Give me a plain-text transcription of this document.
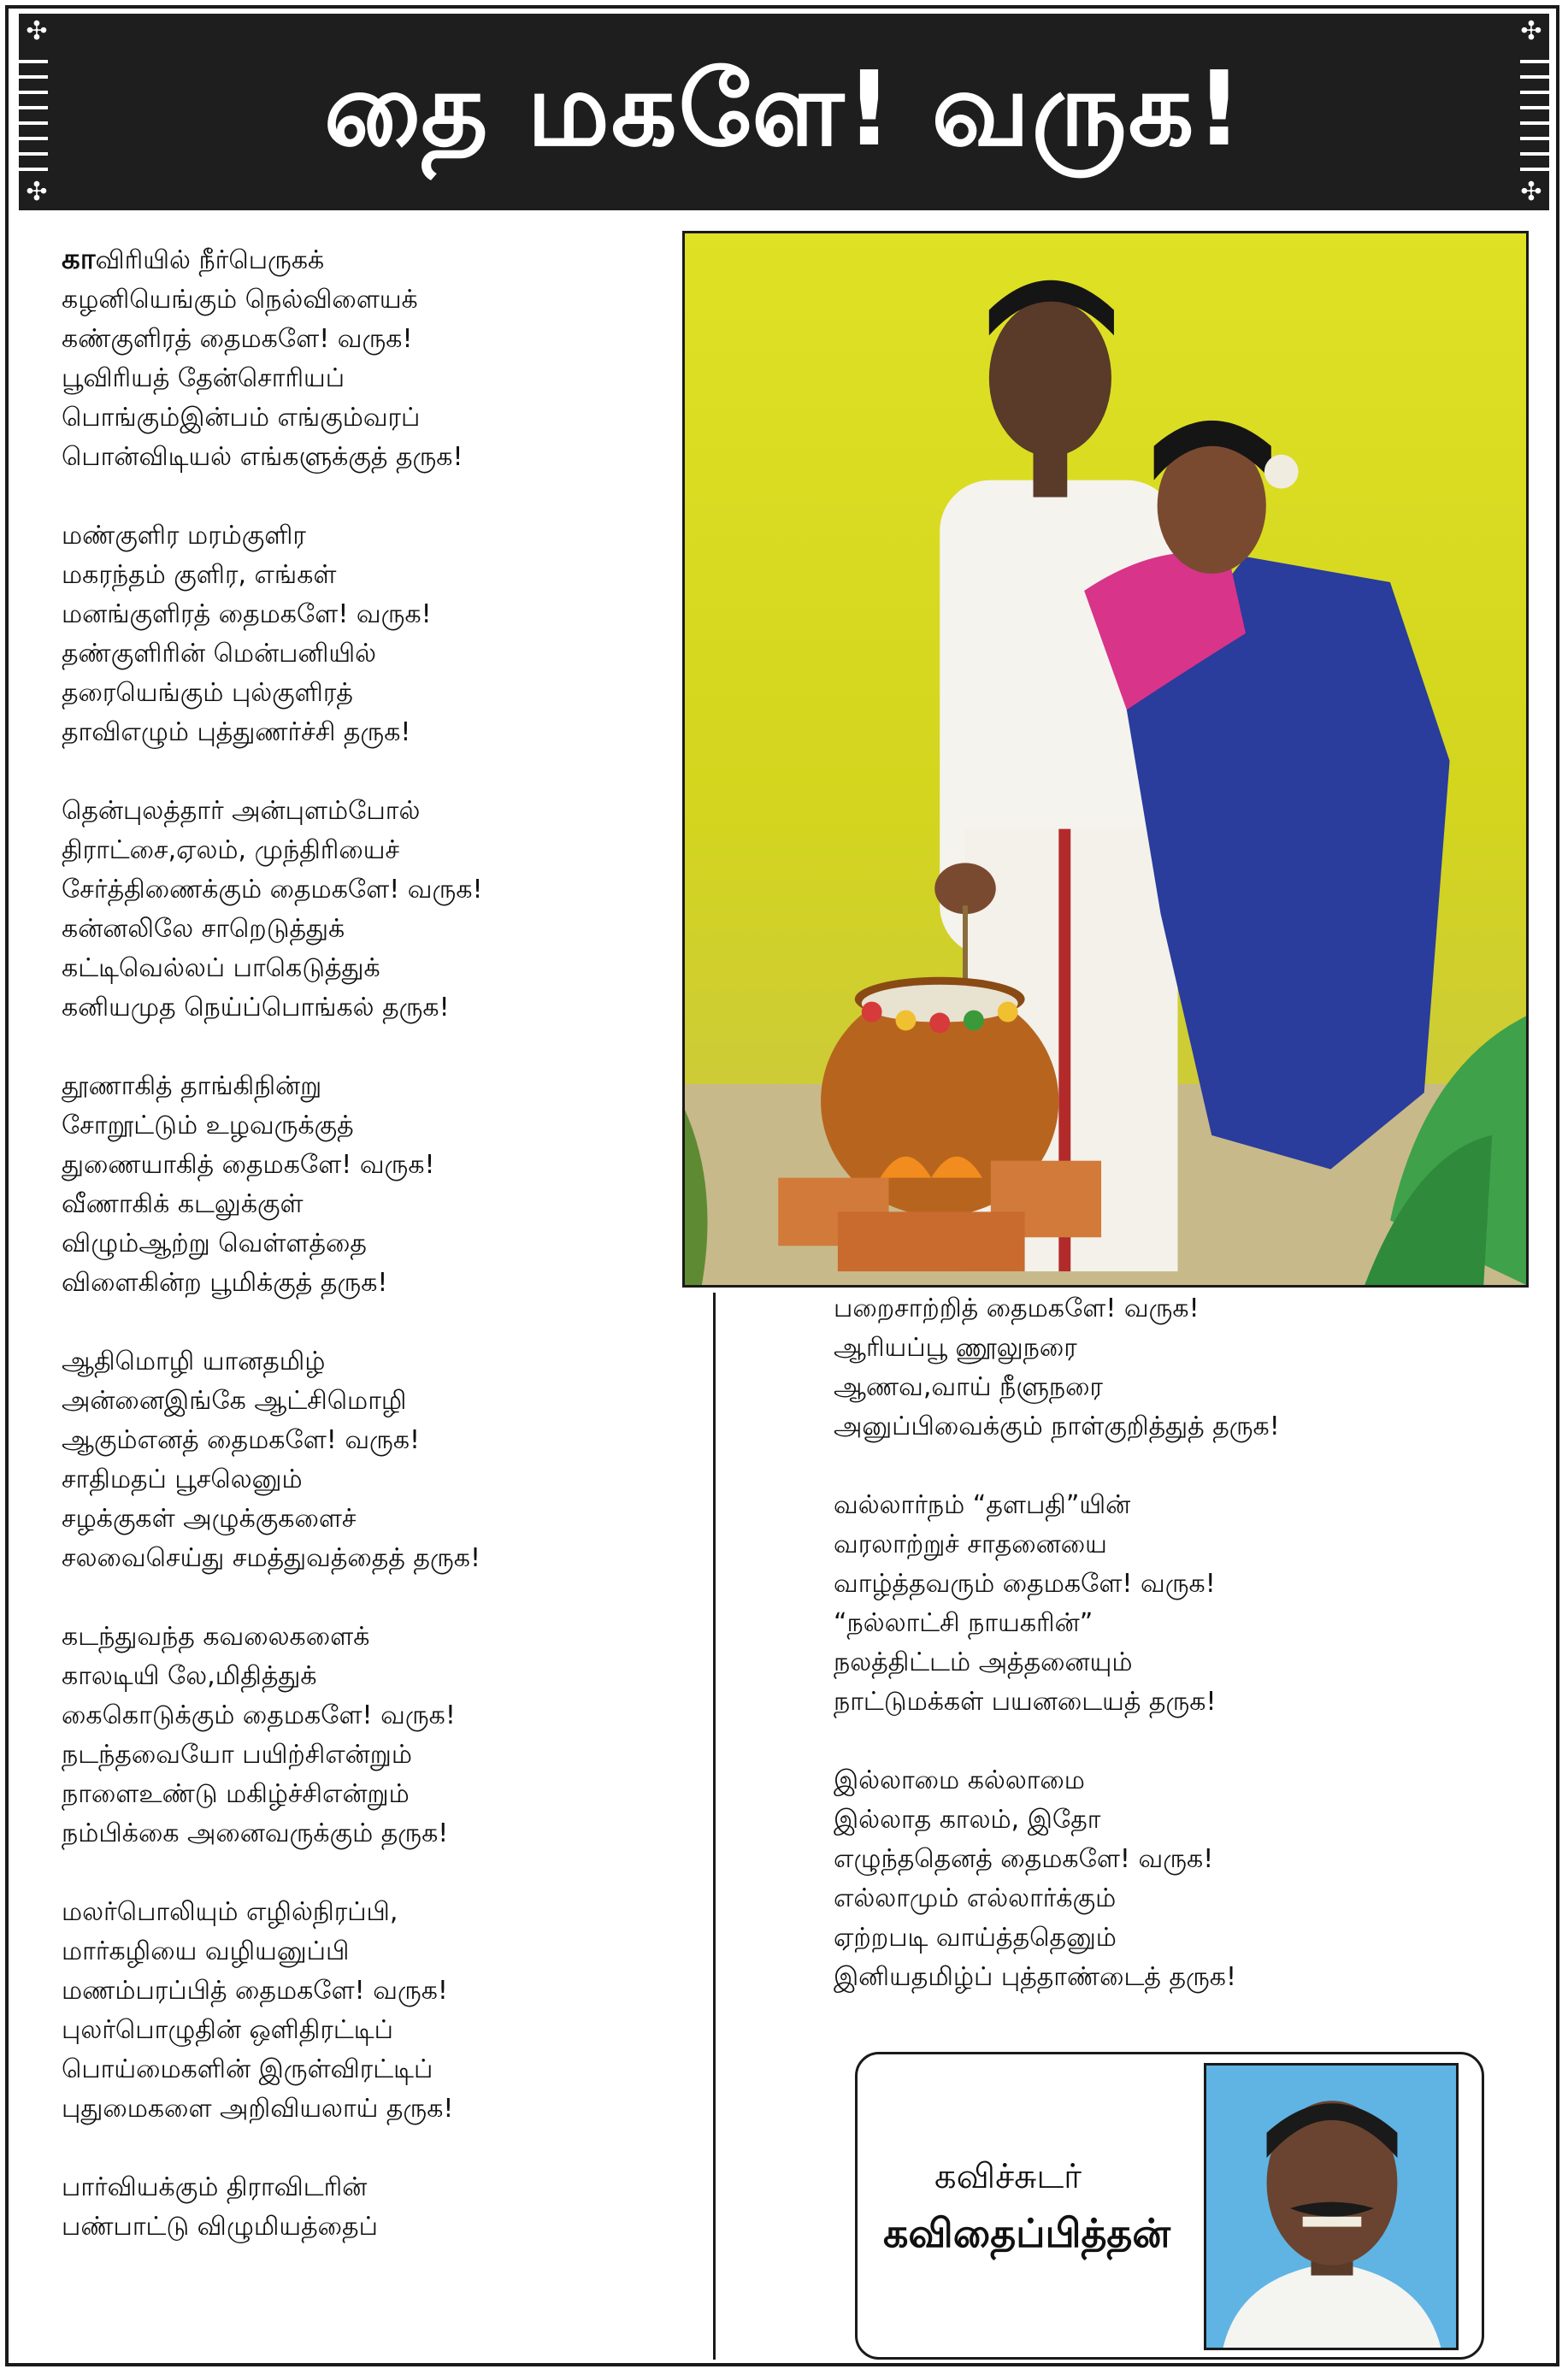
✣	✣
✣	✣
தை மகளே! வருக!
காவிரியில் நீர்பெருகக்
கழனியெங்கும் நெல்விளையக்
கண்குளிரத் தைமகளே! வருக!
பூவிரியத் தேன்சொரியப்
பொங்கும்இன்பம் எங்கும்வரப்
பொன்விடியல் எங்களுக்குத் தருக!
மண்குளிர மரம்குளிர
மகரந்தம் குளிர, எங்கள்
மனங்குளிரத் தைமகளே! வருக!
தண்குளிரின் மென்பனியில்
தரையெங்கும் புல்குளிரத்
தாவிஎழும் புத்துணர்ச்சி தருக!
தென்புலத்தார் அன்புளம்போல்
திராட்சை,ஏலம், முந்திரியைச்
சேர்த்திணைக்கும் தைமகளே! வருக!
கன்னலிலே சாறெடுத்துக்
கட்டிவெல்லப் பாகெடுத்துக்
கனியமுத நெய்ப்பொங்கல் தருக!
தூணாகித் தாங்கிநின்று
சோறூட்டும் உழவருக்குத்
துணையாகித் தைமகளே! வருக!
வீணாகிக் கடலுக்குள்
விழும்ஆற்று வெள்ளத்தை
விளைகின்ற பூமிக்குத் தருக!
ஆதிமொழி யானதமிழ்
அன்னைஇங்கே ஆட்சிமொழி
ஆகும்எனத் தைமகளே! வருக!
சாதிமதப் பூசலெனும்
சழக்குகள் அழுக்குகளைச்
சலவைசெய்து சமத்துவத்தைத் தருக!
கடந்துவந்த கவலைகளைக்
காலடியி லே,மிதித்துக்
கைகொடுக்கும் தைமகளே! வருக!
நடந்தவையோ பயிற்சிஎன்றும்
நாளைஉண்டு மகிழ்ச்சிஎன்றும்
நம்பிக்கை அனைவருக்கும் தருக!
மலர்பொலியும் எழில்நிரப்பி,
மார்கழியை வழியனுப்பி
மணம்பரப்பித் தைமகளே! வருக!
புலர்பொழுதின் ஒளிதிரட்டிப்
பொய்மைகளின் இருள்விரட்டிப்
புதுமைகளை அறிவியலாய் தருக!
பார்வியக்கும் திராவிடரின்
பண்பாட்டு விழுமியத்தைப்
பறைசாற்றித் தைமகளே! வருக!
ஆரியப்பூ ணூலுநரை
ஆணவ,வாய் நீளுநரை
அனுப்பிவைக்கும் நாள்குறித்துத் தருக!
வல்லார்நம் “தளபதி”யின்
வரலாற்றுச் சாதனையை
வாழ்த்தவரும் தைமகளே! வருக!
“நல்லாட்சி நாயகரின்”
நலத்திட்டம் அத்தனையும்
நாட்டுமக்கள் பயனடையத் தருக!
இல்லாமை கல்லாமை
இல்லாத காலம், இதோ
எழுந்ததெனத் தைமகளே! வருக!
எல்லாமும் எல்லார்க்கும்
ஏற்றபடி வாய்த்ததெனும்
இனியதமிழ்ப் புத்தாண்டைத் தருக!
கவிச்சுடர்
கவிதைப்பித்தன்
